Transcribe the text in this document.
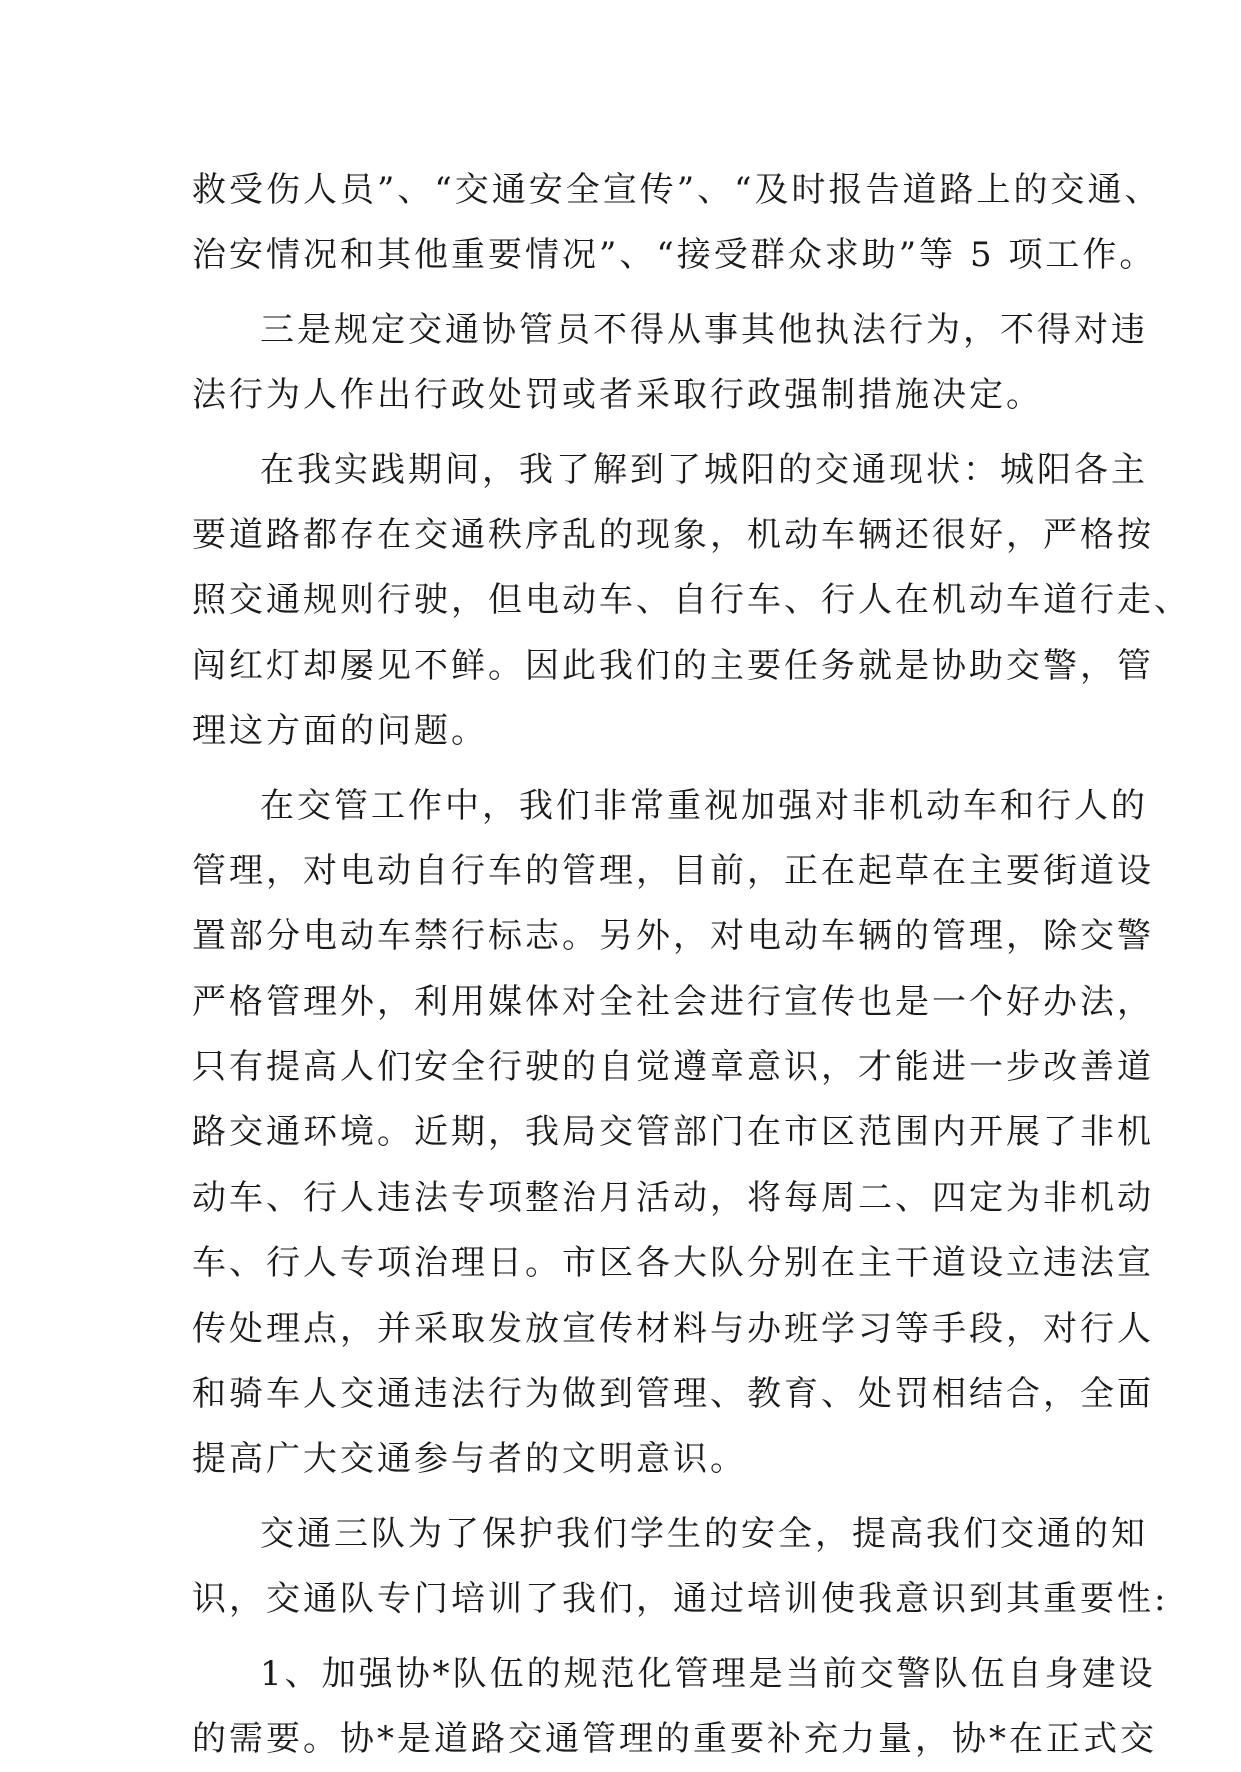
救受伤人员”、“交通安全宣传”、“及时报告道路上的交通、
治安情况和其他重要情况”、“接受群众求助”等 5 项工作。
三是规定交通协管员不得从事其他执法行为，不得对违
法行为人作出行政处罚或者采取行政强制措施决定。
在我实践期间，我了解到了城阳的交通现状：城阳各主
要道路都存在交通秩序乱的现象，机动车辆还很好，严格按
照交通规则行驶，但电动车、自行车、行人在机动车道行走、
闯红灯却屡见不鲜。因此我们的主要任务就是协助交警，管
理这方面的问题。
在交管工作中，我们非常重视加强对非机动车和行人的
管理，对电动自行车的管理，目前，正在起草在主要街道设
置部分电动车禁行标志。另外，对电动车辆的管理，除交警
严格管理外，利用媒体对全社会进行宣传也是一个好办法，
只有提高人们安全行驶的自觉遵章意识，才能进一步改善道
路交通环境。近期，我局交管部门在市区范围内开展了非机
动车、行人违法专项整治月活动，将每周二、四定为非机动
车、行人专项治理日。市区各大队分别在主干道设立违法宣
传处理点，并采取发放宣传材料与办班学习等手段，对行人
和骑车人交通违法行为做到管理、教育、处罚相结合，全面
提高广大交通参与者的文明意识。
交通三队为了保护我们学生的安全，提高我们交通的知
识，交通队专门培训了我们，通过培训使我意识到其重要性:
1、加强协*队伍的规范化管理是当前交警队伍自身建设
的需要。协*是道路交通管理的重要补充力量，协*在正式交
